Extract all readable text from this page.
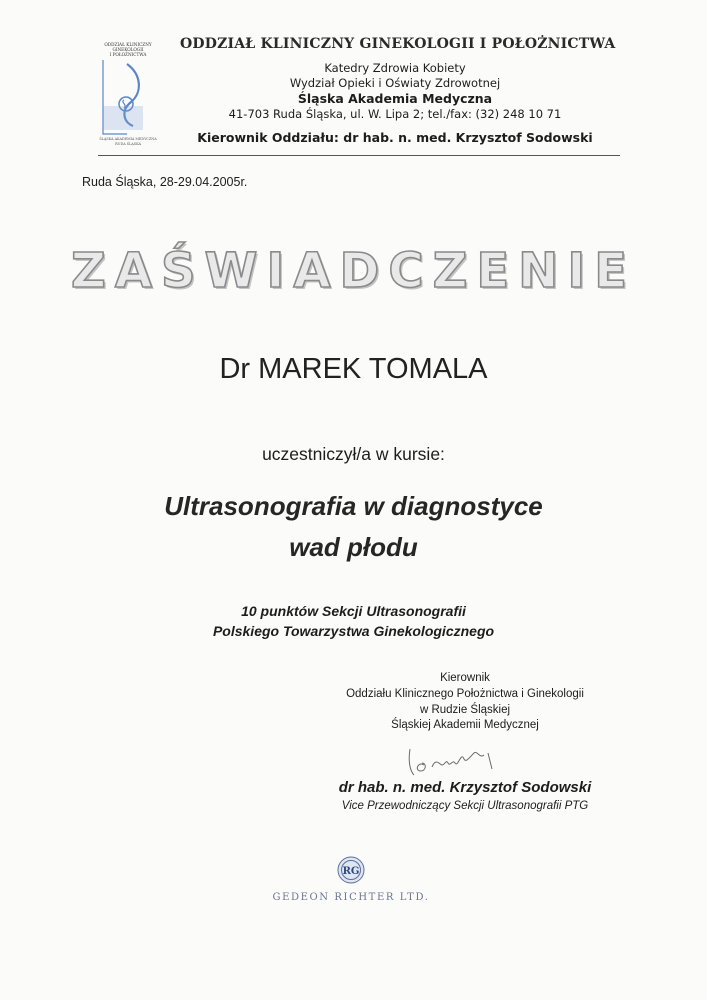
ODDZIAŁ KLINICZNY
GINEKOLOGII
I POŁOŻNICTWA
ŚLĄSKA AKADEMIA MEDYCZNA
RUDA ŚLĄSKA
ODDZIAŁ KLINICZNY GINEKOLOGII I POŁOŻNICTWA
Katedry Zdrowia Kobiety
Wydział Opieki i Oświaty Zdrowotnej
Śląska Akademia Medyczna
41-703 Ruda Śląska, ul. W. Lipa 2; tel./fax: (32) 248 10 71
Kierownik Oddziału: dr hab. n. med. Krzysztof Sodowski
Ruda Śląska, 28-29.04.2005r.
ZAŚWIADCZENIE
Dr MAREK TOMALA
uczestniczył/a w kursie:
Ultrasonografia w diagnostyce
wad płodu
10 punktów Sekcji Ultrasonografii
Polskiego Towarzystwa Ginekologicznego
Kierownik
Oddziału Klinicznego Położnictwa i Ginekologii
w Rudzie Śląskiej
Śląskiej Akademii Medycznej
dr hab. n. med. Krzysztof Sodowski
Vice Przewodniczący Sekcji Ultrasonografii PTG
RG
GEDEON RICHTER LTD.
